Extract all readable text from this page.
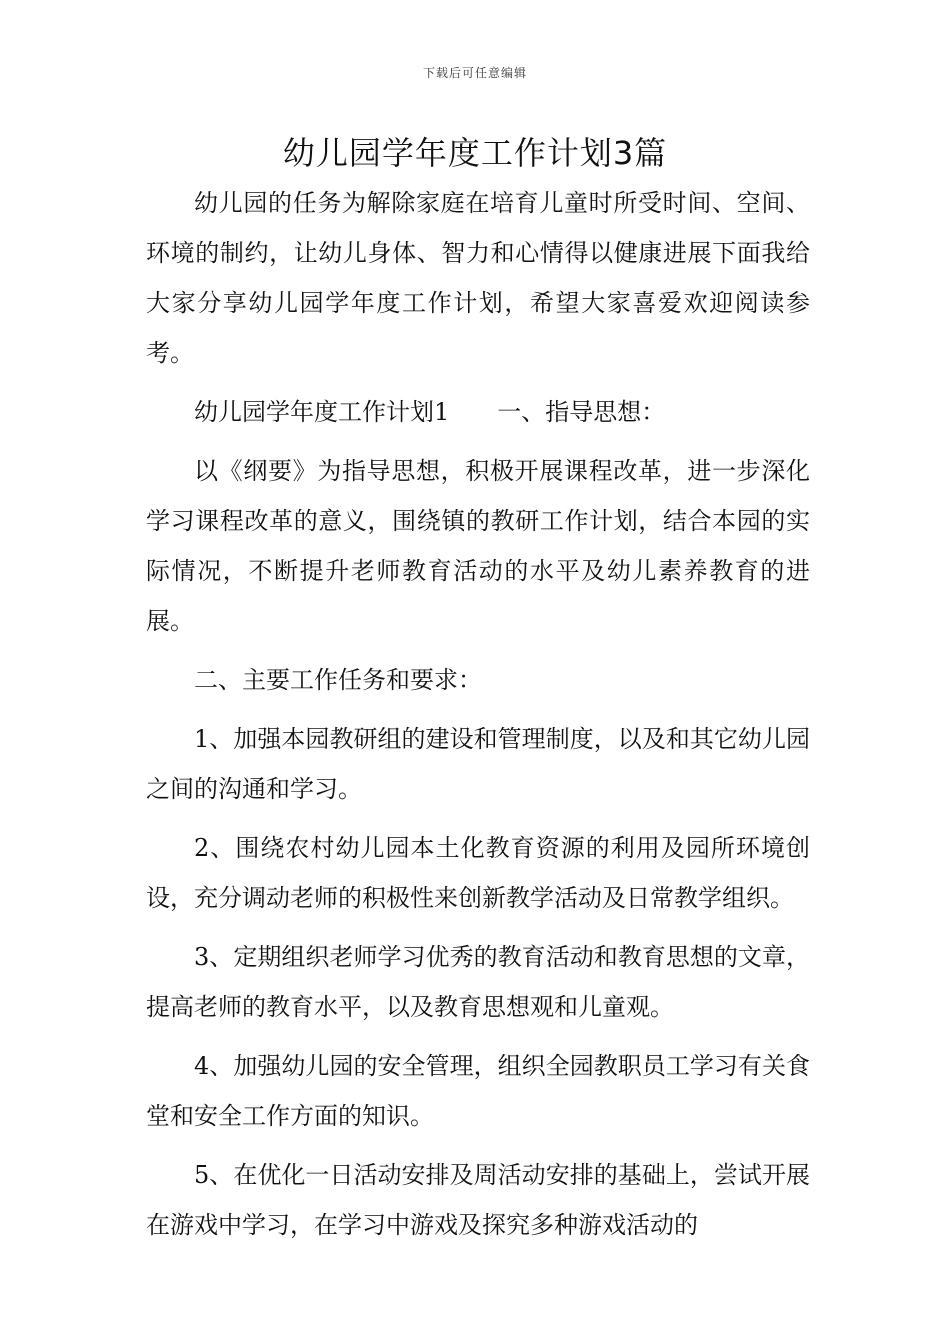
下载后可任意编辑
幼儿园学年度工作计划3篇

幼儿园的任务为解除家庭在培育儿童时所受时间、空间、环境的制约，让幼儿身体、智力和心情得以健康进展下面我给大家分享幼儿园学年度工作计划，希望大家喜爱欢迎阅读参考。

幼儿园学年度工作计划1　　一、指导思想：

以《纲要》为指导思想，积极开展课程改革，进一步深化学习课程改革的意义，围绕镇的教研工作计划，结合本园的实际情况，不断提升老师教育活动的水平及幼儿素养教育的进展。

二、主要工作任务和要求：

1、加强本园教研组的建设和管理制度，以及和其它幼儿园之间的沟通和学习。

2、围绕农村幼儿园本土化教育资源的利用及园所环境创设，充分调动老师的积极性来创新教学活动及日常教学组织。

3、定期组织老师学习优秀的教育活动和教育思想的文章，提高老师的教育水平，以及教育思想观和儿童观。

4、加强幼儿园的安全管理，组织全园教职员工学习有关食堂和安全工作方面的知识。

5、在优化一日活动安排及周活动安排的基础上，尝试开展在游戏中学习，在学习中游戏及探究多种游戏活动的
